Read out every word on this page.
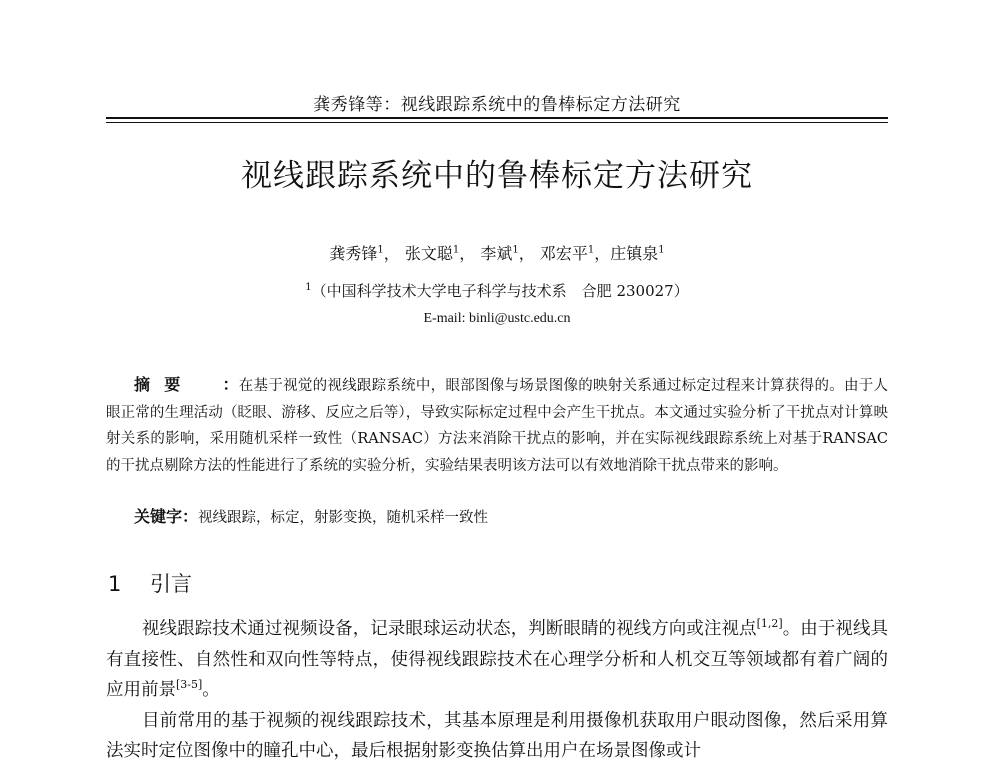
龚秀锋等：视线跟踪系统中的鲁棒标定方法研究
视线跟踪系统中的鲁棒标定方法研究
龚秀锋$^1$， 张文聪$^1$， 李斌$^1$， 邓宏平$^1$，庄镇泉$^1$
$^1$（中国科学技术大学电子科学与技术系　合肥 230027）
E-mail: binli@ustc.edu.cn
摘要 ：在基于视觉的视线跟踪系统中，眼部图像与场景图像的映射关系通过标定过程来计算获得的。由于人眼正常的生理活动（眨眼、游移、反应之后等），导致实际标定过程中会产生干扰点。本文通过实验分析了干扰点对计算映射关系的影响，采用随机采样一致性（RANSAC）方法来消除干扰点的影响，并在实际视线跟踪系统上对基于RANSAC的干扰点剔除方法的性能进行了系统的实验分析，实验结果表明该方法可以有效地消除干扰点带来的影响。
关键字：视线跟踪，标定，射影变换，随机采样一致性
1 引言

视线跟踪技术通过视频设备，记录眼球运动状态，判断眼睛的视线方向或注视点[1,2]。由于视线具有直接性、自然性和双向性等特点，使得视线跟踪技术在心理学分析和人机交互等领域都有着广阔的应用前景[3-5]。

目前常用的基于视频的视线跟踪技术，其基本原理是利用摄像机获取用户眼动图像，然后采用算法实时定位图像中的瞳孔中心，最后根据射影变换估算出用户在场景图像或计
